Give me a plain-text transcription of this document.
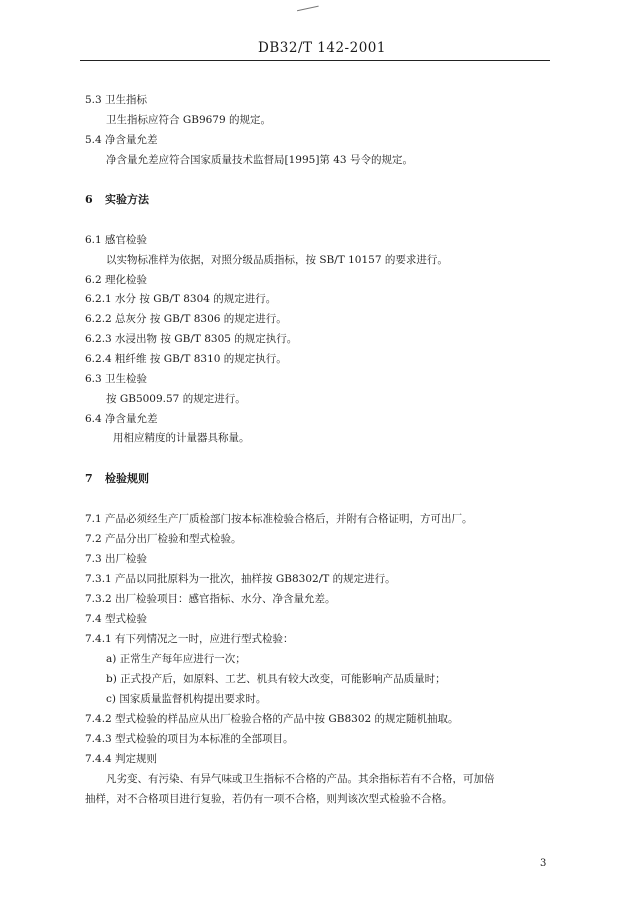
DB32/T 142-2001
5.3 卫生指标
卫生指标应符合 GB9679 的规定。
5.4 净含量允差
净含量允差应符合国家质量技术监督局[1995]第 43 号令的规定。
6 实验方法
6.1 感官检验
以实物标准样为依据，对照分级品质指标，按 SB/T 10157 的要求进行。
6.2 理化检验
6.2.1 水分 按 GB/T 8304 的规定进行。
6.2.2 总灰分 按 GB/T 8306 的规定进行。
6.2.3 水浸出物 按 GB/T 8305 的规定执行。
6.2.4 粗纤维 按 GB/T 8310 的规定执行。
6.3 卫生检验
按 GB5009.57 的规定进行。
6.4 净含量允差
用相应精度的计量器具称量。
7 检验规则
7.1 产品必须经生产厂质检部门按本标准检验合格后，并附有合格证明，方可出厂。
7.2 产品分出厂检验和型式检验。
7.3 出厂检验
7.3.1 产品以同批原料为一批次，抽样按 GB8302/T 的规定进行。
7.3.2 出厂检验项目：感官指标、水分、净含量允差。
7.4 型式检验
7.4.1 有下列情况之一时，应进行型式检验：
a) 正常生产每年应进行一次；
b) 正式投产后，如原料、工艺、机具有较大改变，可能影响产品质量时；
c) 国家质量监督机构提出要求时。
7.4.2 型式检验的样品应从出厂检验合格的产品中按 GB8302 的规定随机抽取。
7.4.3 型式检验的项目为本标准的全部项目。
7.4.4 判定规则
凡劣变、有污染、有异气味或卫生指标不合格的产品。其余指标若有不合格，可加倍
抽样，对不合格项目进行复验，若仍有一项不合格，则判该次型式检验不合格。
3
